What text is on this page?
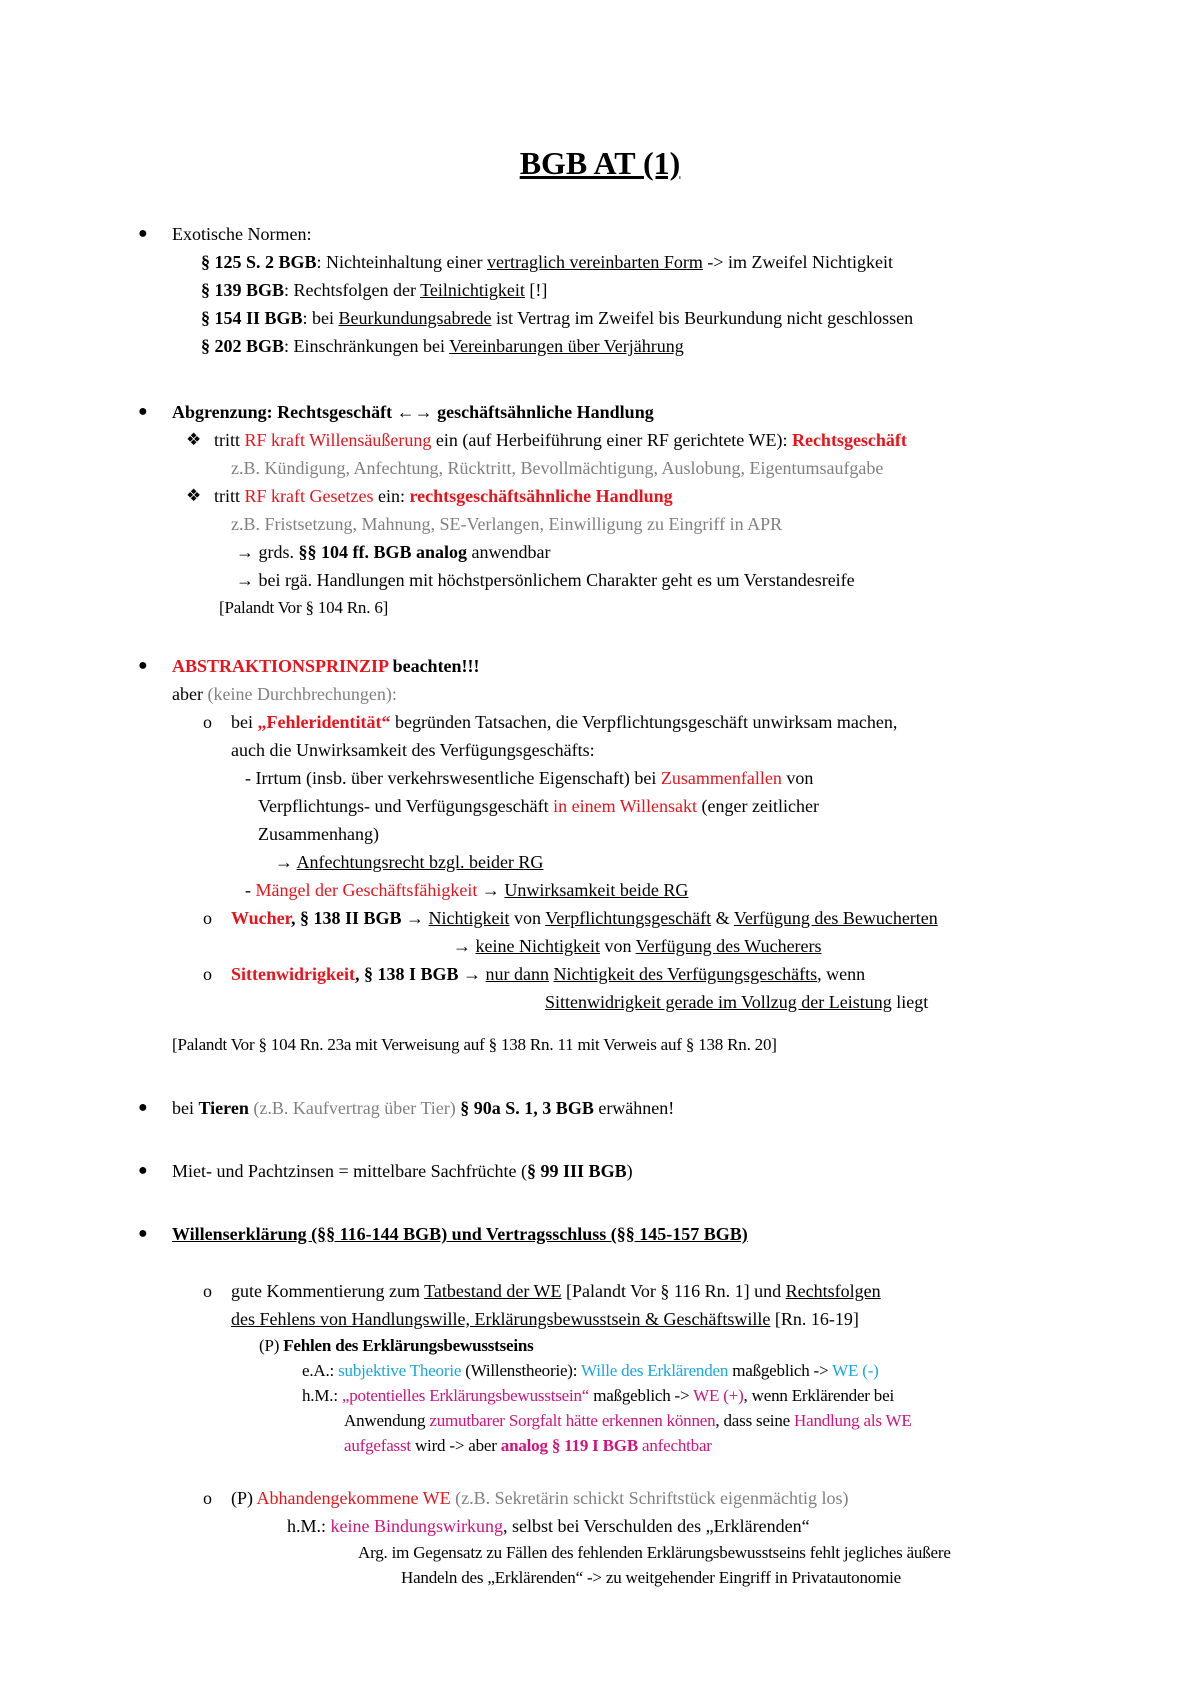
BGB AT (1)
● Exotische Normen:
§ 125 S. 2 BGB: Nichteinhaltung einer vertraglich vereinbarten Form -> im Zweifel Nichtigkeit
§ 139 BGB: Rechtsfolgen der Teilnichtigkeit [!]
§ 154 II BGB: bei Beurkundungsabrede ist Vertrag im Zweifel bis Beurkundung nicht geschlossen
§ 202 BGB: Einschränkungen bei Vereinbarungen über Verjährung
● Abgrenzung: Rechtsgeschäft ←→ geschäftsähnliche Handlung
❖ tritt RF kraft Willensäußerung ein (auf Herbeiführung einer RF gerichtete WE): Rechtsgeschäft
z.B. Kündigung, Anfechtung, Rücktritt, Bevollmächtigung, Auslobung, Eigentumsaufgabe
❖ tritt RF kraft Gesetzes ein: rechtsgeschäftsähnliche Handlung
z.B. Fristsetzung, Mahnung, SE-Verlangen, Einwilligung zu Eingriff in APR
→ grds. §§ 104 ff. BGB analog anwendbar
→ bei rgä. Handlungen mit höchstpersönlichem Charakter geht es um Verstandesreife
[Palandt Vor § 104 Rn. 6]
● ABSTRAKTIONSPRINZIP beachten!!!
aber (keine Durchbrechungen):
o bei „Fehleridentität“ begründen Tatsachen, die Verpflichtungsgeschäft unwirksam machen,
auch die Unwirksamkeit des Verfügungsgeschäfts:
- Irrtum (insb. über verkehrswesentliche Eigenschaft) bei Zusammenfallen von
Verpflichtungs- und Verfügungsgeschäft in einem Willensakt (enger zeitlicher
Zusammenhang)
→ Anfechtungsrecht bzgl. beider RG
- Mängel der Geschäftsfähigkeit → Unwirksamkeit beide RG
o Wucher, § 138 II BGB → Nichtigkeit von Verpflichtungsgeschäft & Verfügung des Bewucherten
→ keine Nichtigkeit von Verfügung des Wucherers
o Sittenwidrigkeit, § 138 I BGB → nur dann Nichtigkeit des Verfügungsgeschäfts, wenn
Sittenwidrigkeit gerade im Vollzug der Leistung liegt
[Palandt Vor § 104 Rn. 23a mit Verweisung auf § 138 Rn. 11 mit Verweis auf § 138 Rn. 20]
● bei Tieren (z.B. Kaufvertrag über Tier) § 90a S. 1, 3 BGB erwähnen!
● Miet- und Pachtzinsen = mittelbare Sachfrüchte (§ 99 III BGB)
● Willenserklärung (§§ 116-144 BGB) und Vertragsschluss (§§ 145-157 BGB)
o gute Kommentierung zum Tatbestand der WE [Palandt Vor § 116 Rn. 1] und Rechtsfolgen
des Fehlens von Handlungswille, Erklärungsbewusstsein & Geschäftswille [Rn. 16-19]
(P) Fehlen des Erklärungsbewusstseins
e.A.: subjektive Theorie (Willenstheorie): Wille des Erklärenden maßgeblich -> WE (-)
h.M.: „potentielles Erklärungsbewusstsein“ maßgeblich -> WE (+), wenn Erklärender bei
Anwendung zumutbarer Sorgfalt hätte erkennen können, dass seine Handlung als WE
aufgefasst wird -> aber analog § 119 I BGB anfechtbar
o (P) Abhandengekommene WE (z.B. Sekretärin schickt Schriftstück eigenmächtig los)
h.M.: keine Bindungswirkung, selbst bei Verschulden des „Erklärenden“
Arg. im Gegensatz zu Fällen des fehlenden Erklärungsbewusstseins fehlt jegliches äußere
Handeln des „Erklärenden“ -> zu weitgehender Eingriff in Privatautonomie
